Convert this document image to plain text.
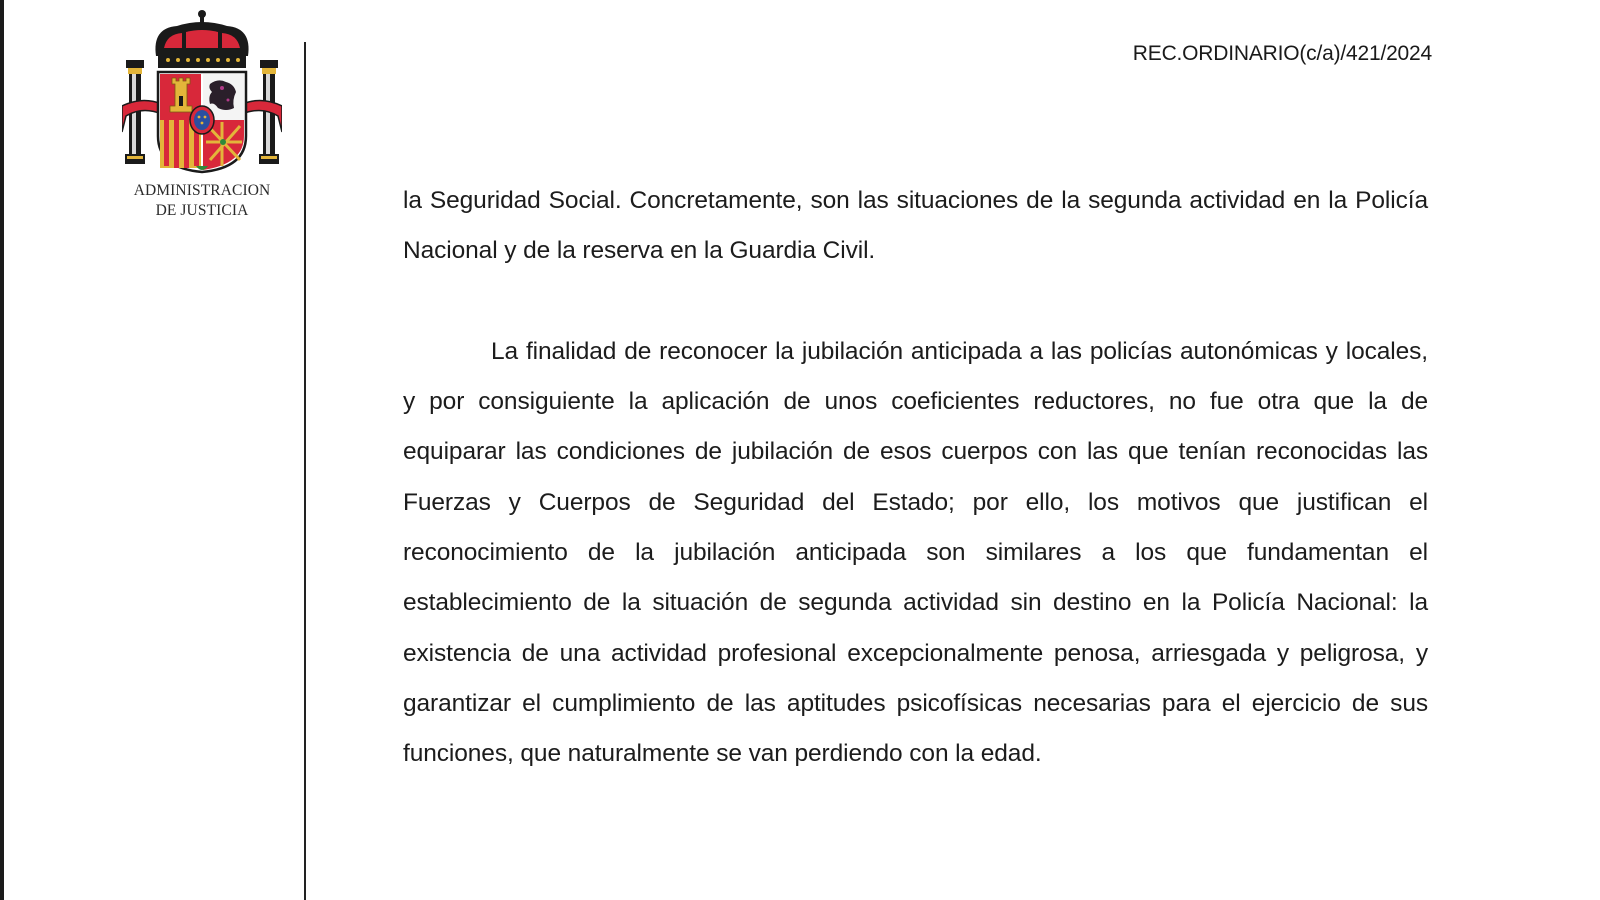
ADMINISTRACION
DE JUSTICIA
REC.ORDINARIO(c/a)/421/2024

la Seguridad Social. Concretamente, son las situaciones de la segunda actividad en la Policía Nacional y de la reserva en la Guardia Civil.

La finalidad de reconocer la jubilación anticipada a las policías autonómicas y locales, y por consiguiente la aplicación de unos coeficientes reductores, no fue otra que la de equiparar las condiciones de jubilación de esos cuerpos con las que tenían reconocidas las Fuerzas y Cuerpos de Seguridad del Estado; por ello, los motivos que justifican el reconocimiento de la jubilación anticipada son similares a los que fundamentan el establecimiento de la situación de segunda actividad sin destino en la Policía Nacional: la existencia de una actividad profesional excepcionalmente penosa, arriesgada y peligrosa, y garantizar el cumplimiento de las aptitudes psicofísicas necesarias para el ejercicio de sus funciones, que naturalmente se van perdiendo con la edad.
